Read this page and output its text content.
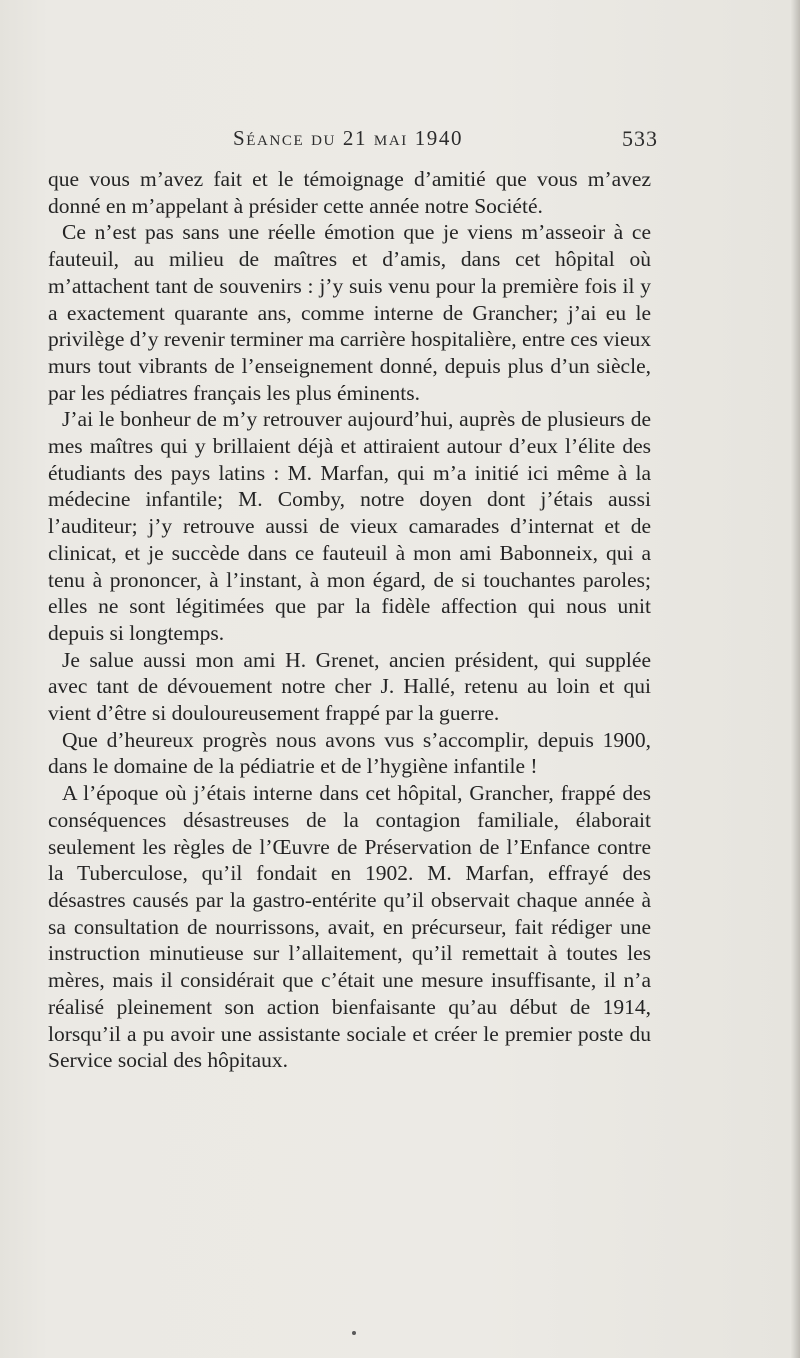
Séance du 21 mai 1940	533

que vous m’avez fait et le témoignage d’amitié que vous m’avez donné en m’appelant à présider cette année notre Société.

Ce n’est pas sans une réelle émotion que je viens m’asseoir à ce fauteuil, au milieu de maîtres et d’amis, dans cet hôpital où m’attachent tant de souvenirs : j’y suis venu pour la première fois il y a exactement quarante ans, comme interne de Grancher; j’ai eu le privilège d’y revenir terminer ma carrière hospitalière, entre ces vieux murs tout vibrants de l’enseignement donné, depuis plus d’un siècle, par les pédiatres français les plus éminents.

J’ai le bonheur de m’y retrouver aujourd’hui, auprès de plusieurs de mes maîtres qui y brillaient déjà et attiraient autour d’eux l’élite des étudiants des pays latins : M. Marfan, qui m’a initié ici même à la médecine infantile; M. Comby, notre doyen dont j’étais aussi l’auditeur; j’y retrouve aussi de vieux camarades d’internat et de clinicat, et je succède dans ce fauteuil à mon ami Babonneix, qui a tenu à prononcer, à l’instant, à mon égard, de si touchantes paroles; elles ne sont légitimées que par la fidèle affection qui nous unit depuis si longtemps.

Je salue aussi mon ami H. Grenet, ancien président, qui supplée avec tant de dévouement notre cher J. Hallé, retenu au loin et qui vient d’être si douloureusement frappé par la guerre.

Que d’heureux progrès nous avons vus s’accomplir, depuis 1900, dans le domaine de la pédiatrie et de l’hygiène infantile !

A l’époque où j’étais interne dans cet hôpital, Grancher, frappé des conséquences désastreuses de la contagion familiale, élaborait seulement les règles de l’Œuvre de Préservation de l’Enfance contre la Tuberculose, qu’il fondait en 1902. M. Marfan, effrayé des désastres causés par la gastro-entérite qu’il observait chaque année à sa consultation de nourrissons, avait, en précurseur, fait rédiger une instruction minutieuse sur l’allaitement, qu’il remettait à toutes les mères, mais il considérait que c’était une mesure insuffisante, il n’a réalisé pleinement son action bienfaisante qu’au début de 1914, lorsqu’il a pu avoir une assistante sociale et créer le premier poste du Service social des hôpitaux.
